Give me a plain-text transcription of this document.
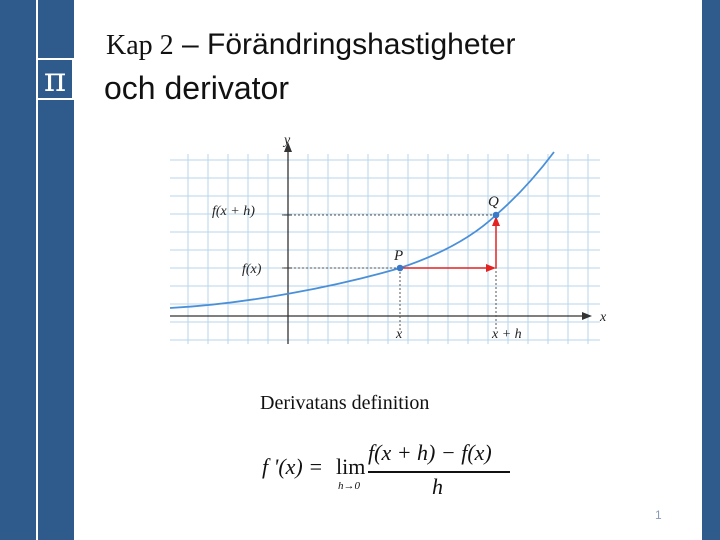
π
Kap 2 – Förändringshastigheter
och derivator
y
x
f(x + h)
f(x)
x	x + h
P
Q
Derivatans definition
f '(x) = lim
h→0
f(x + h) − f(x)
h
1
